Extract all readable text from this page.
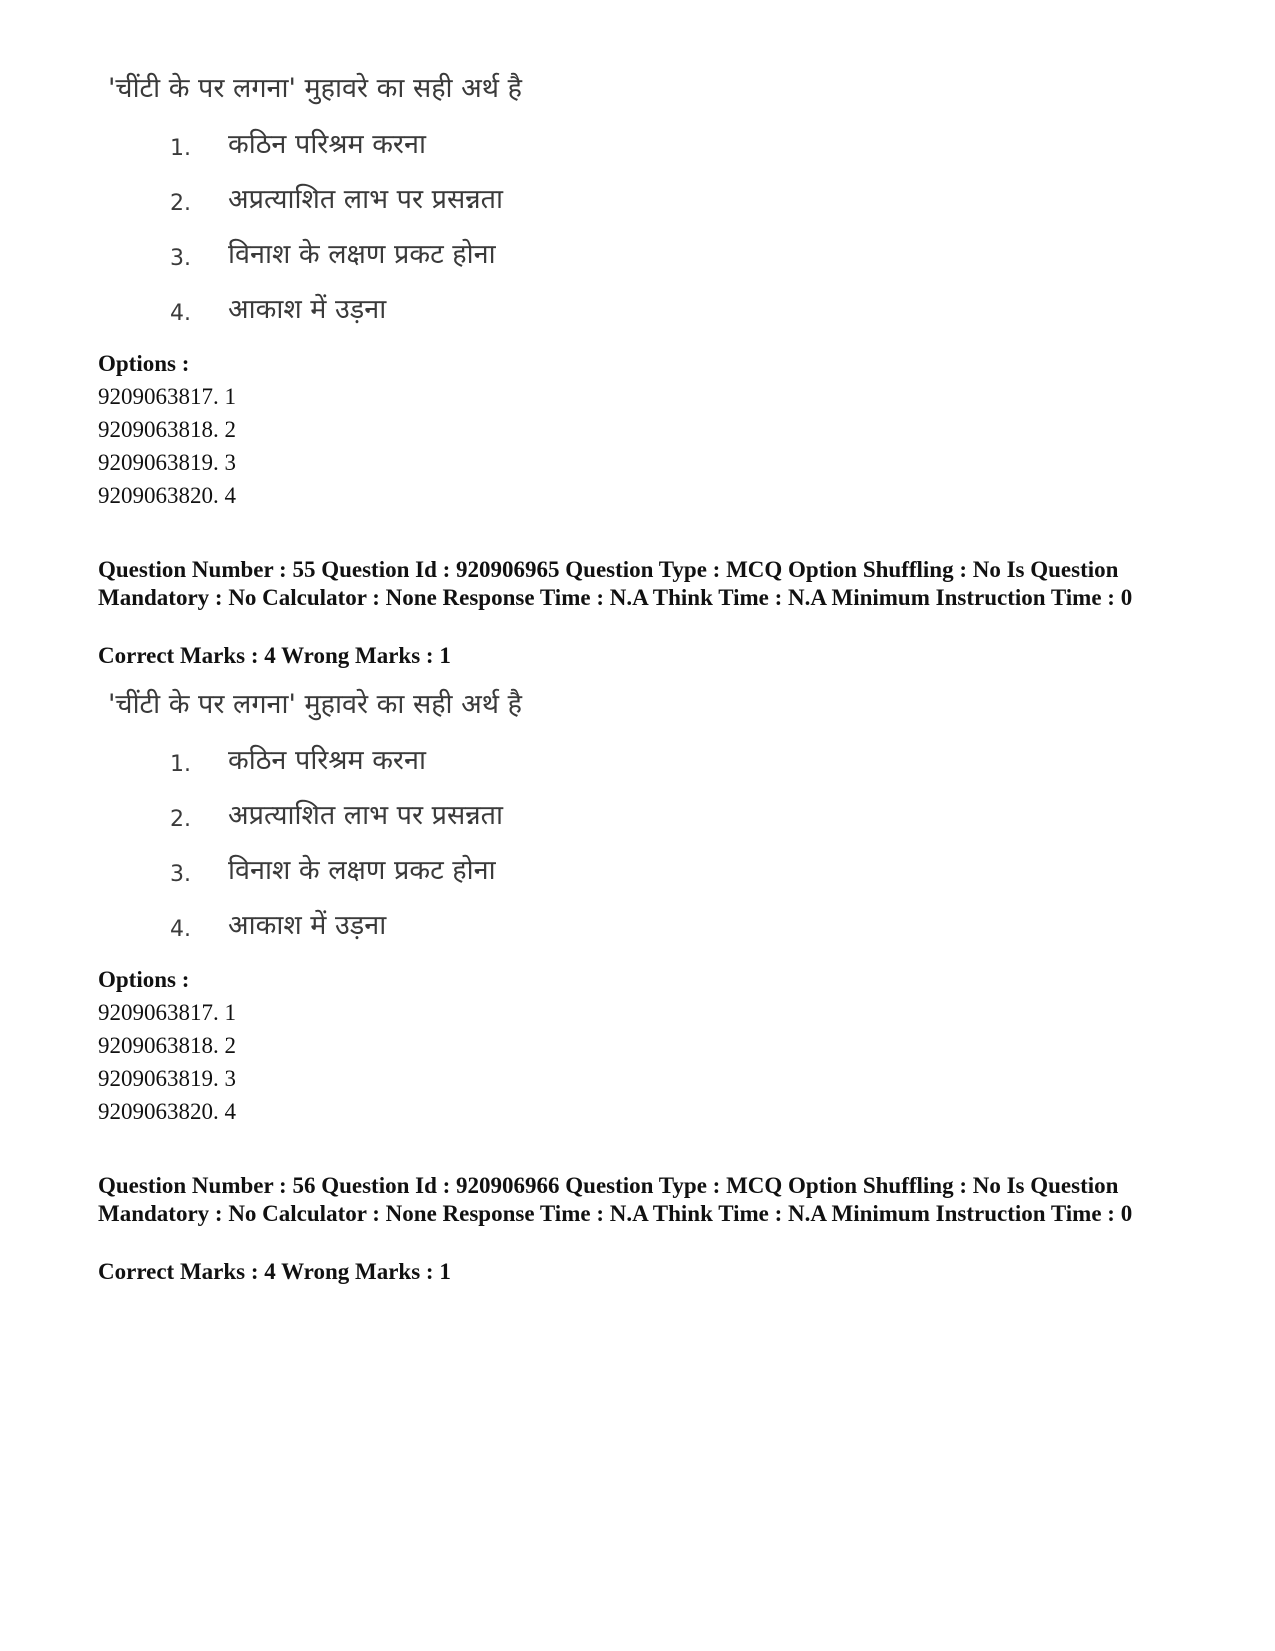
'चींटी के पर लगना' मुहावरे का सही अर्थ है
1. कठिन परिश्रम करना
2. अप्रत्याशित लाभ पर प्रसन्नता
3. विनाश के लक्षण प्रकट होना
4. आकाश में उड़ना
Options :
9209063817. 1
9209063818. 2
9209063819. 3
9209063820. 4
Question Number : 55 Question Id : 920906965 Question Type : MCQ Option Shuffling : No Is Question Mandatory : No Calculator : None Response Time : N.A Think Time : N.A Minimum Instruction Time : 0
Correct Marks : 4 Wrong Marks : 1
'चींटी के पर लगना' मुहावरे का सही अर्थ है
1. कठिन परिश्रम करना
2. अप्रत्याशित लाभ पर प्रसन्नता
3. विनाश के लक्षण प्रकट होना
4. आकाश में उड़ना
Options :
9209063817. 1
9209063818. 2
9209063819. 3
9209063820. 4
Question Number : 56 Question Id : 920906966 Question Type : MCQ Option Shuffling : No Is Question Mandatory : No Calculator : None Response Time : N.A Think Time : N.A Minimum Instruction Time : 0
Correct Marks : 4 Wrong Marks : 1
